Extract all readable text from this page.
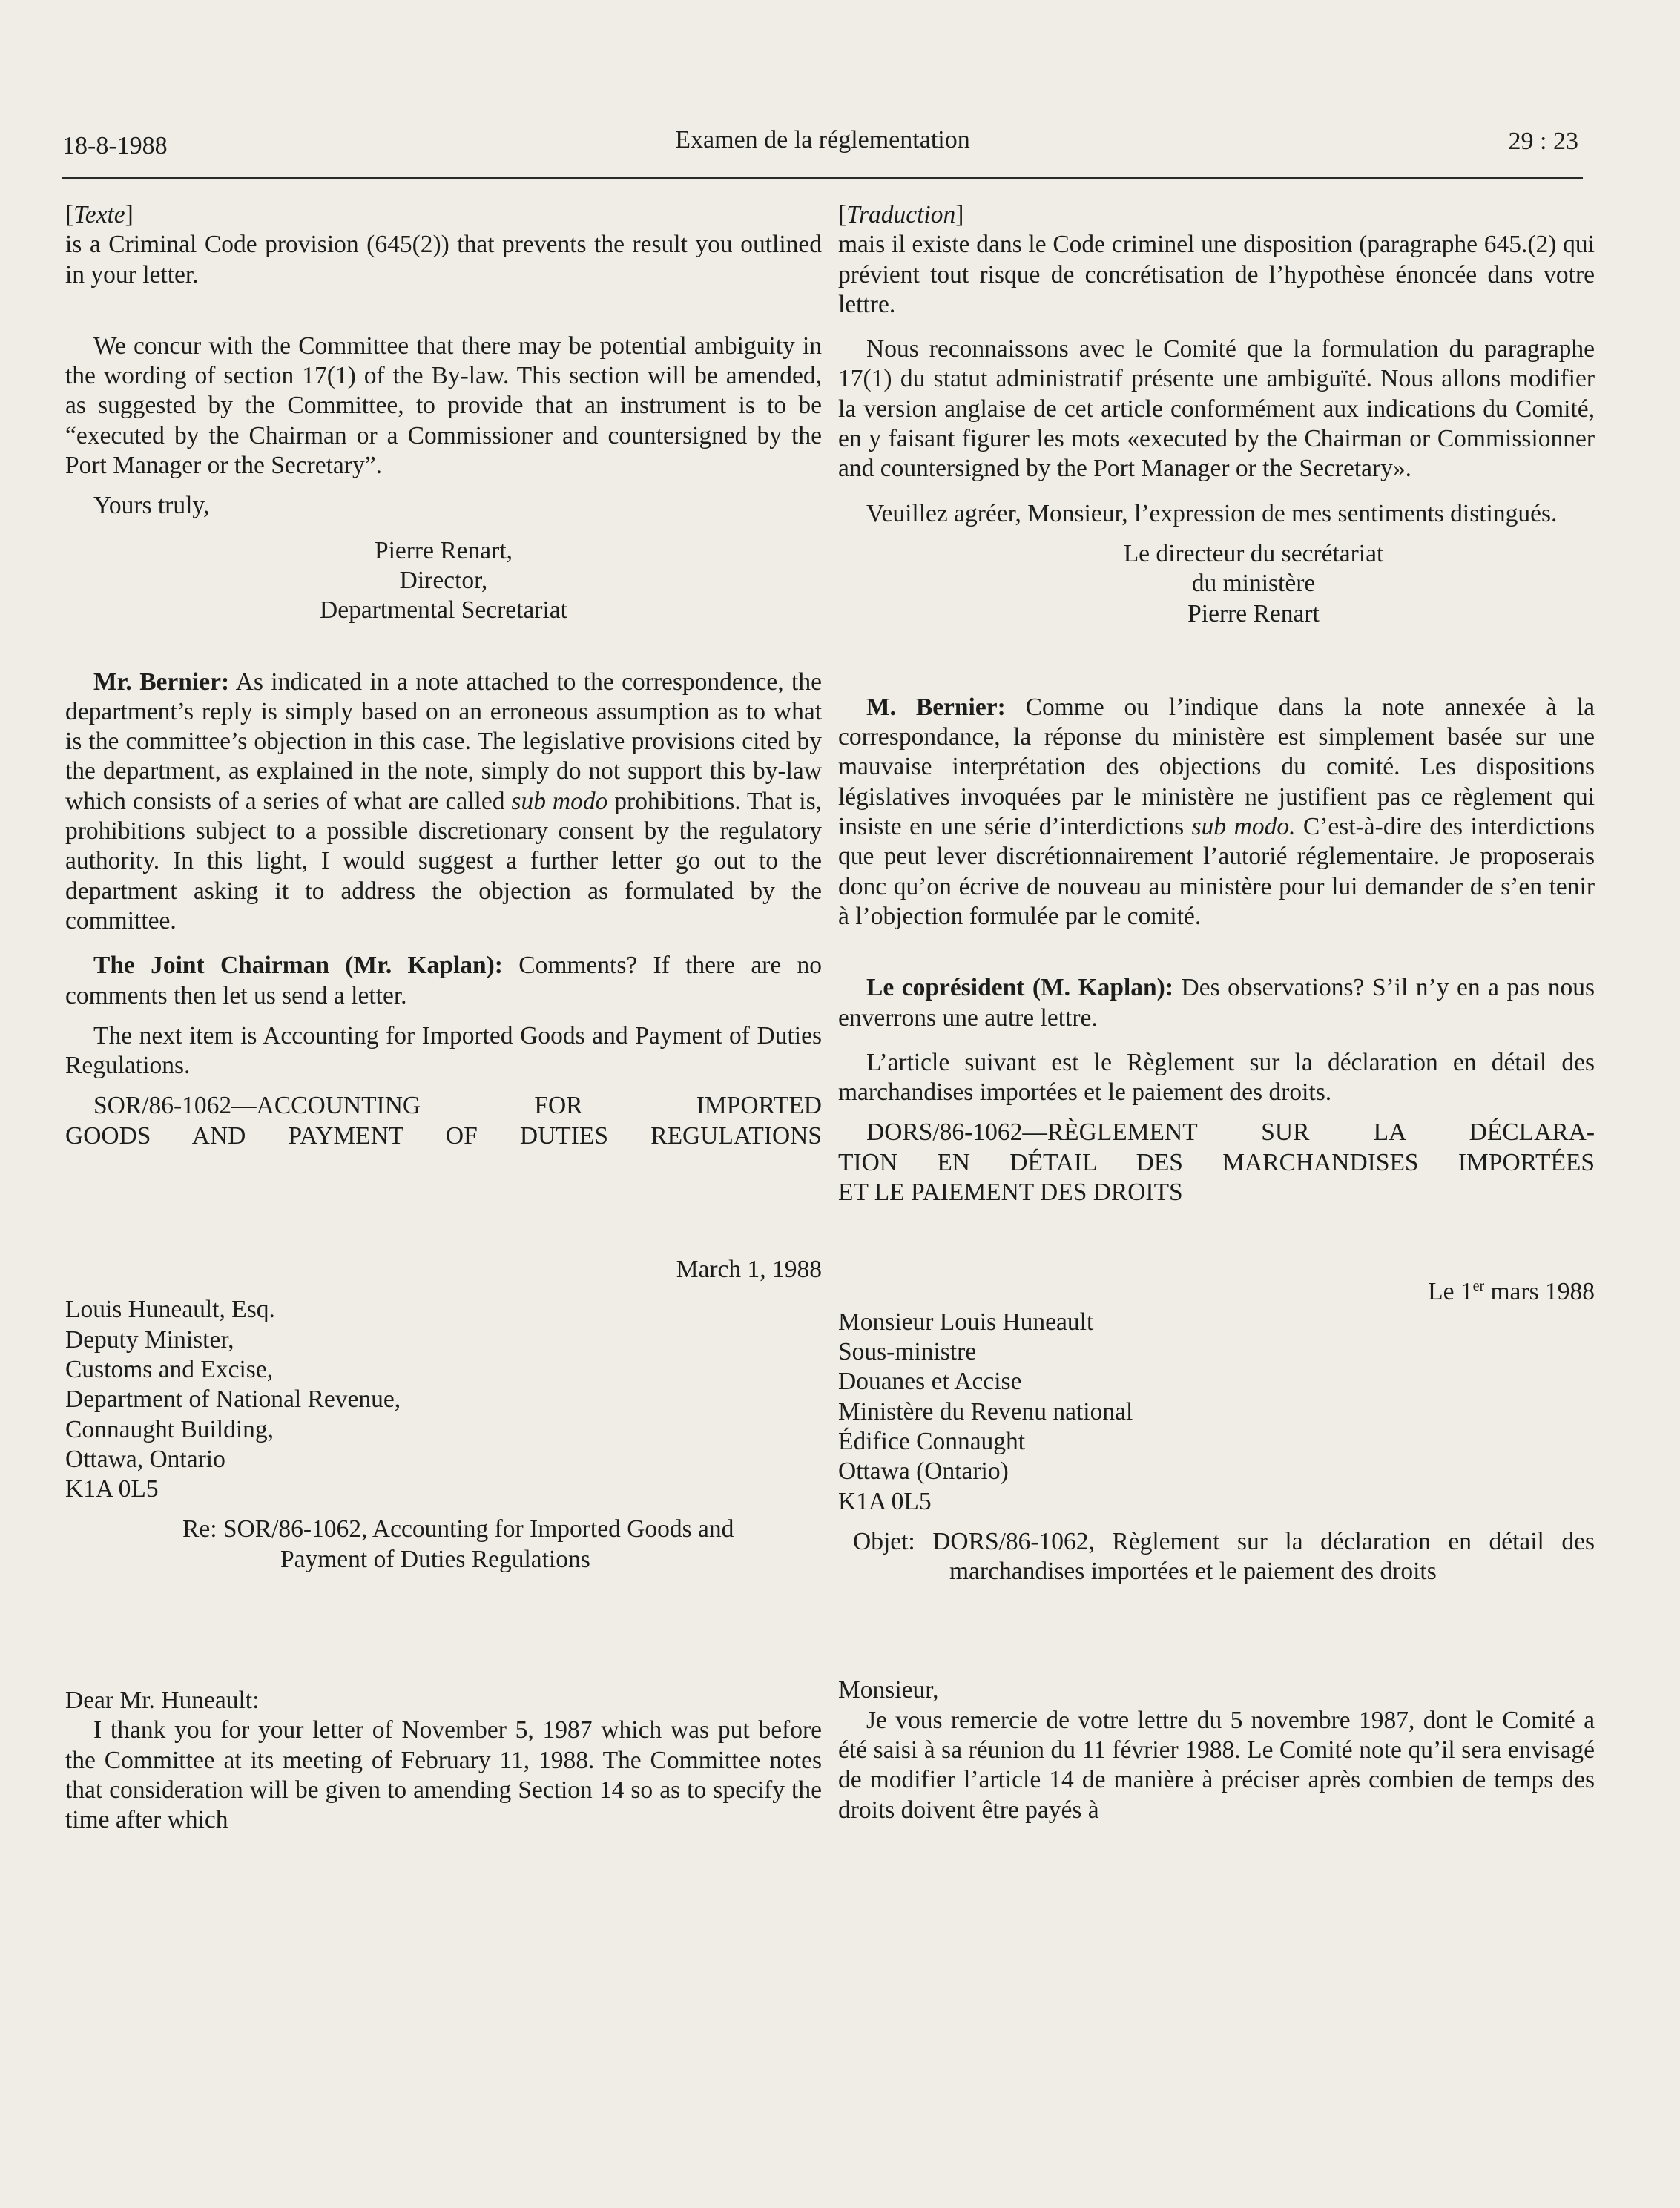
18-8-1988	Examen de la réglementation	29 : 23

[Texte]

is a Criminal Code provision (645(2)) that prevents the result you outlined in your letter.

We concur with the Committee that there may be potential ambiguity in the wording of section 17(1) of the By-law. This section will be amended, as suggested by the Committee, to provide that an instrument is to be “executed by the Chairman or a Commissioner and countersigned by the Port Manager or the Secretary”.

Yours truly,

Pierre Renart,

Director,

Departmental Secretariat

Mr. Bernier: As indicated in a note attached to the correspondence, the department’s reply is simply based on an erroneous assumption as to what is the committee’s objection in this case. The legislative provisions cited by the department, as explained in the note, simply do not support this by-law which consists of a series of what are called sub modo prohibitions. That is, prohibitions subject to a possible discretionary consent by the regulatory authority. In this light, I would suggest a further letter go out to the department asking it to address the objection as formulated by the committee.

The Joint Chairman (Mr. Kaplan): Comments? If there are no comments then let us send a letter.

The next item is Accounting for Imported Goods and Payment of Duties Regulations.

SOR/86-1062—ACCOUNTING FOR IMPORTED

GOODS AND PAYMENT OF DUTIES REGULATIONS

March 1, 1988

Louis Huneault, Esq.
Deputy Minister,
Customs and Excise,
Department of National Revenue,
Connaught Building,
Ottawa, Ontario
K1A 0L5

Re: SOR/86-1062, Accounting for Imported Goods and Payment of Duties Regulations

Dear Mr. Huneault:

I thank you for your letter of November 5, 1987 which was put before the Committee at its meeting of February 11, 1988. The Committee notes that consideration will be given to amending Section 14 so as to specify the time after which

[Traduction]

mais il existe dans le Code criminel une disposition (paragraphe 645.(2) qui prévient tout risque de concrétisation de l’hypothèse énoncée dans votre lettre.

Nous reconnaissons avec le Comité que la formulation du paragraphe 17(1) du statut administratif présente une ambiguïté. Nous allons modifier la version anglaise de cet article conformément aux indications du Comité, en y faisant figurer les mots «executed by the Chairman or Commissionner and countersigned by the Port Manager or the Secretary».

Veuillez agréer, Monsieur, l’expression de mes sentiments distingués.

Le directeur du secrétariat

du ministère

Pierre Renart

M. Bernier: Comme ou l’indique dans la note annexée à la correspondance, la réponse du ministère est simplement basée sur une mauvaise interprétation des objections du comité. Les dispositions législatives invoquées par le ministère ne justifient pas ce règlement qui insiste en une série d’interdictions sub modo. C’est-à-dire des interdictions que peut lever discrétionnairement l’autorié réglementaire. Je proposerais donc qu’on écrive de nouveau au ministère pour lui demander de s’en tenir à l’objection formulée par le comité.

Le coprésident (M. Kaplan): Des observations? S’il n’y en a pas nous enverrons une autre lettre.

L’article suivant est le Règlement sur la déclaration en détail des marchandises importées et le paiement des droits.

DORS/86-1062—RÈGLEMENT SUR LA DÉCLARA-

TION EN DÉTAIL DES MARCHANDISES IMPORTÉES

ET LE PAIEMENT DES DROITS

Le 1er mars 1988

Monsieur Louis Huneault
Sous-ministre
Douanes et Accise
Ministère du Revenu national
Édifice Connaught
Ottawa (Ontario)
K1A 0L5

Objet: DORS/86-1062, Règlement sur la déclaration en détail des marchandises importées et le paiement des droits

Monsieur,

Je vous remercie de votre lettre du 5 novembre 1987, dont le Comité a été saisi à sa réunion du 11 février 1988. Le Comité note qu’il sera envisagé de modifier l’article 14 de manière à préciser après combien de temps des droits doivent être payés à
